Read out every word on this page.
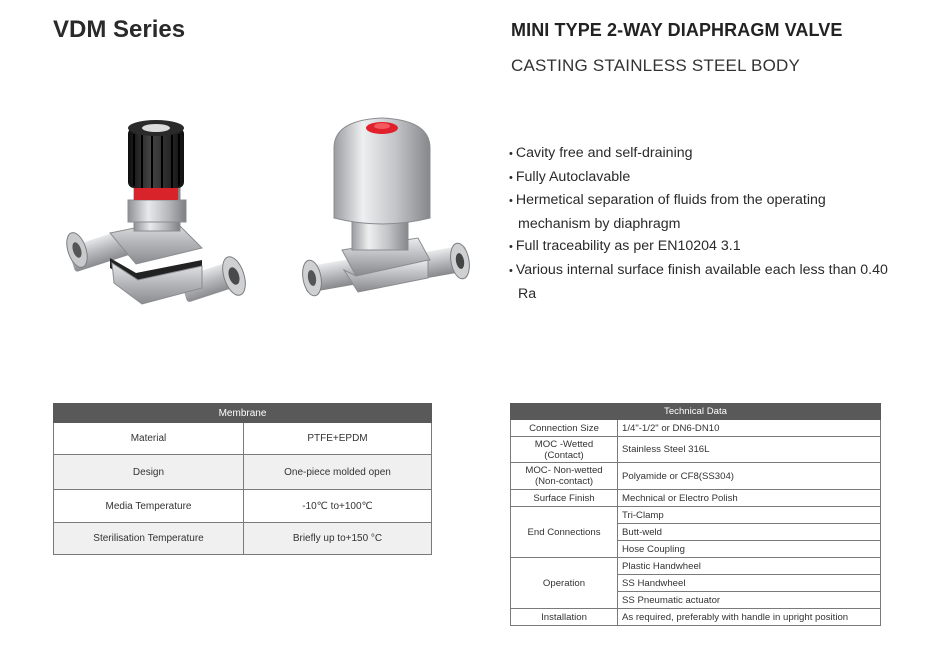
VDM Series	MINI TYPE 2-WAY DIAPHRAGM VALVE
CASTING STAINLESS STEEL BODY
• Cavity free and self-draining
• Fully Autoclavable
• Hermetical separation of fluids from the operating mechanism by diaphragm
• Full traceability as per EN10204 3.1
• Various internal surface finish available each less than 0.40 Ra
Membrane	
Material	PTFE+EPDM
Design	One-piece molded open
Media Temperature	-10℃ to+100℃
Sterilisation Temperature	Briefly up to+150 °C
Technical Data	
Connection Size	1/4"-1/2" or DN6-DN10

MOC -Wetted
(Contact)	Stainless Steel 316L

MOC- Non-wetted
(Non-contact)	Polyamide or CF8(SS304)
Surface Finish	Mechnical or Electro Polish
End Connections	Tri-Clamp
	Butt-weld
	Hose Coupling
Operation	Plastic Handwheel
	SS Handwheel
	SS Pneumatic actuator
Installation	As required, preferably with handle in upright position
